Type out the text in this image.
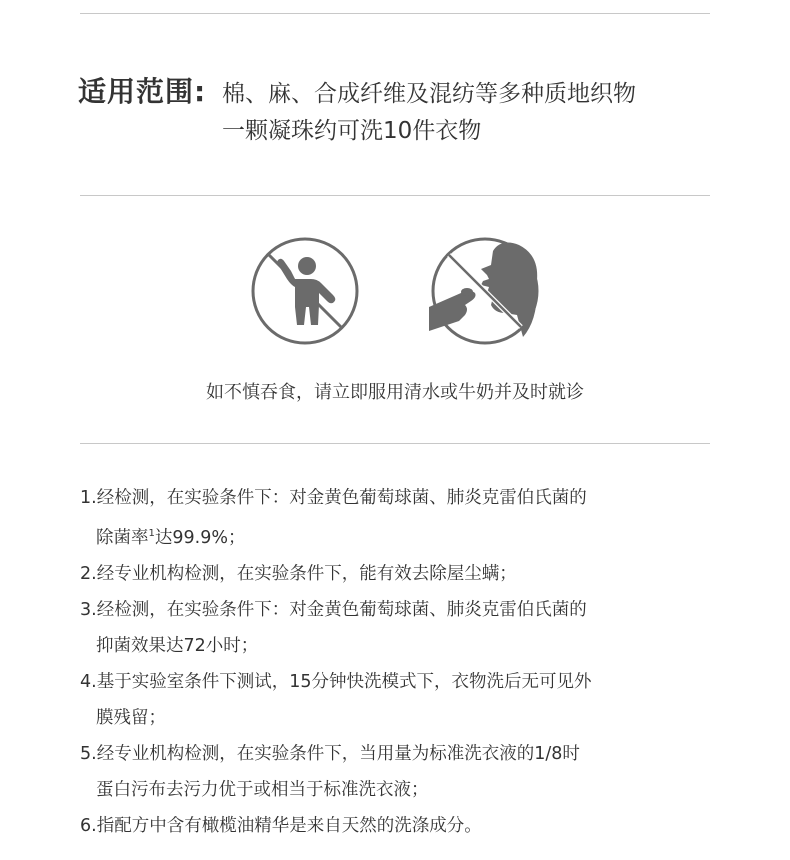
适用范围: 棉、麻、合成纤维及混纺等多种质地织物
一颗凝珠约可洗10件衣物
如不慎吞食，请立即服用清水或牛奶并及时就诊
1.经检测，在实验条件下：对金黄色葡萄球菌、肺炎克雷伯氏菌的
除菌率$^1$达99.9%；
2.经专业机构检测，在实验条件下，能有效去除屋尘螨；
3.经检测，在实验条件下：对金黄色葡萄球菌、肺炎克雷伯氏菌的
抑菌效果达72小时；
4.基于实验室条件下测试，15分钟快洗模式下，衣物洗后无可见外
膜残留；
5.经专业机构检测，在实验条件下，当用量为标准洗衣液的1/8时
蛋白污布去污力优于或相当于标准洗衣液；
6.指配方中含有橄榄油精华是来自天然的洗涤成分。
